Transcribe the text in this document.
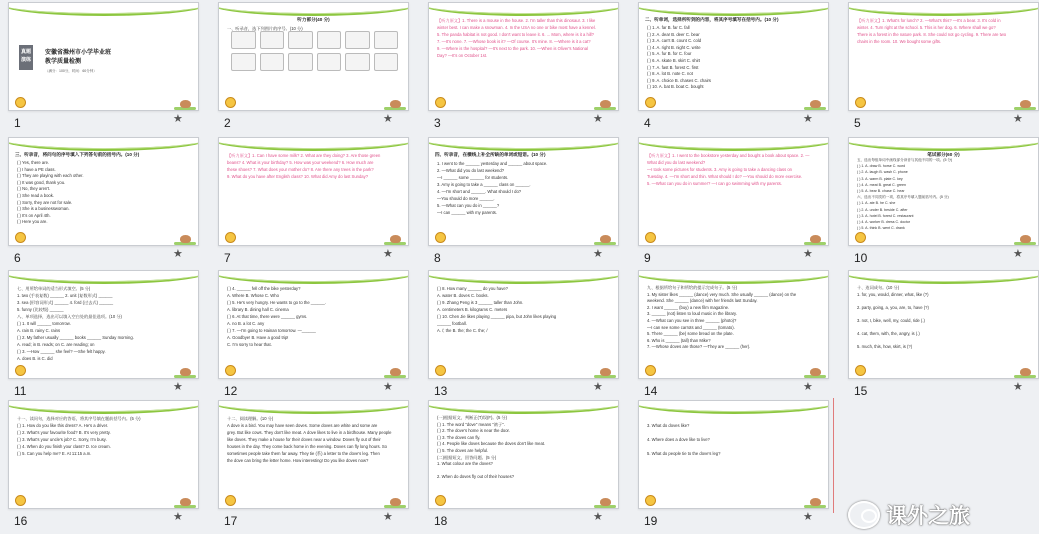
真题演练
安徽省滁州市小学毕业班
教学质量检测
（满分：100分，时间：60分钟）
1	★
听力部分(40 分)
一、听录音，选下列图片的序号。(10 分)
2	★
【听力原文】1. There is a mouse in the house. 2. I'm taller than this dinosaur. 3. I like
winter best. I can make a snowman. 4. In the USA no one or bike most have a kennel.
5. The panda habitat is not good. I don't want to leave it. 6. ... Mom, where is it a hill?
7. —It's none. 7. —Whose book is it? —Of course. It's mine. 8. —Where is it a cat?
9. —Where is the hospital? —It's next to the park. 10. —When is Oliver's National
Day? —It's on October 1st.
3	★
二、听单词，选择所听到的内容，将其序号填写在括号内。(10 分)
( ) 1. A. far B. far C. fall
( ) 2. A. dear B. deer C. bear
( ) 3. A. can't B. count C. cold
( ) 4. A. right B. night C. write
( ) 5. A. fur B. for C. four
( ) 6. A. skate B. skirt C. shirt
( ) 7. A. fast B. forest C. first
( ) 8. A. lot B. note C. not
( ) 9. A. choice B. chases C. chairs
( ) 10. A. bat B. boat C. bought
4	★
【听力原文】1. What's for lunch? 2. —What's this? —It's a bear. 3. It's cold in
winter. 4. Turn right at the school. 5. This is her dog. 6. Where shall we go?
There is a forest in the nature park. 8. She could not go cycling. 9. There are two
chairs in the room. 10. We bought some gifts.
5	★
三、听录音，将问句的序号填入下列答句前的括号内。(10 分)
( ) Yes, there are.
( ) I have a PE class.
( ) They are playing with each other.
( ) It was good, thank you.
( ) No, they aren't.
( ) She read a book.
( ) Sorry, they are not for sale.
( ) She is a businesswoman.
( ) It's on April 4th.
( ) Here you are.
6	★
【听力原文】1. Can I have some milk? 2. What are they doing? 3. Are those green
beans? 4. What is your birthday? 5. How was your weekend? 6. How much are
these shoes? 7. What does your mother do? 8. Are there any trees in the park?
9. What do you have after English class? 10. What did Amy do last Sunday?
7	★
四、听录音，在横线上补全所缺的单词或短语。(10 分)
1. I went to the ______ yesterday and ______ about space.
2. —What did you do last weekend?
—I ______ some ______ for students.
3. Amy is going to take a ______ class on ______.
4. —I'm short and ______. What should I do?
—You should do more ______.
5. —What can you do in ______?
—I can ______ with my parents.
8	★
【听力原文】1. I went to the bookstore yesterday and bought a book about space. 2. —
What did you do last weekend?
—I took some pictures for students. 3. Amy is going to take a dancing class on
Tuesday. 4. —I'm short and thin. What should I do? —You should do more exercise.
5. —What can you do in summer? —I can go swimming with my parents.
9	★
笔试部分(60 分)
五、选出每组单词中画线部分读音与其他不同的一项。(5 分)
( ) 1. A. draw B. horse C. word
( ) 2. A. laugh B. wash C. phone
( ) 3. A. warm B. plate C. key
( ) 4. A. meat B. great C. green
( ) 5. A. bear B. chase C. hear
六、选出不同类的一项，将其序号填入题前括号内。(5 分)
( ) 1. A. ate B. he C. she
( ) 2. A. under B. beside C. after
( ) 3. A. hotel B. forest C. restaurant
( ) 4. A. worker B. dress C. doctor
( ) 5. A. think B. went C. drank
10	★
七、用所给单词的适当形式填空。(5 分)
1. two (手表复数) ______ 2. unit (复数形式) ______
3. sea (形容词形式) ______ 4. ford (过去式) ______
5. funny (比较级) ______
八、单项选择，选出可以填入空白处的最佳选项。(10 分)
( ) 1. It will ______ tomorrow.
A. rain B. rainy C. rains
( ) 2. My father usually ______ books ______ Sunday morning.
A. read; in B. reads; on C. are reading; on
( ) 3. —How ______ she feel? —She felt happy.
A. does B. is C. did
11	★
( ) 4. ______ fell off the bike yesterday?
A. Where B. Whose C. Who
( ) 5. He's very hungry. He wants to go to the ______.
A. library B. dining hall C. cinema
( ) 6. At that time, there were ______ gyms.
A. no B. a lot C. any
( ) 7. —I'm going to Hainan tomorrow. —______
A. Goodbye! B. Have a good trip!
C. I'm sorry to hear that.
12	★
( ) 8. How many ______ do you have?
A. water B. doves C. books.
( ) 9. Zhang Peng is 3 ______ taller than John.
A. centimeters B. kilograms C. meters
( ) 10. Chen Jie likes playing ______ pipa, but John likes playing
______ football.
A. /; the B. the; the C. the; /
13	★
九、根据所给句子和所给的提示完成句子。(5 分)
1. My sister likes ______ (dance) very much. She usually ______ (dance) on the
weekend. She ______ (dance) with her friends last Sunday.
2. I want ______ (buy) a new film magazine.
3. ______ (not) listen to loud music in the library.
4. —What can you see in three ______ (photo)?
—I can see some carrots and ______ (tomato).
5. There ______ (be) some bread on the plate.
6. Who is ______ (tall) than Mike?
7. —Whose doves are those? —They are ______ (her).
14	★
十、连词成句。(10 分)
1. for, you, would, dinner, what, like (?)
2. party, going, a, you, are, to, have (?)
3. not, I, bike, well, my, could, ride (.)
4. cat, them, with, the, angry, is (.)
5. much, this, how, skirt, is (?)
15	★
十一、读问句，选择对应的答语，将其序号填在题前括号内。(5 分)
( ) 1. How do you like this dress? A. He's a driver.
( ) 2. What's your favourite food? B. It's very pretty.
( ) 3. What's your uncle's job? C. Sorry, I'm busy.
( ) 4. When do you finish your class? D. Ice cream.
( ) 5. Can you help me? E. At 11:15 a.m.
16	★
十二、阅读理解。(10 分)
A dove is a bird. You may have seen doves. Some doves are white and some are
grey. But like cows. They don't like meat. A dove likes to live in a birdhouse. Many people
like doves. They make a house for their doves near a window. Doves fly out of their
houses in the day. They come back home in the evening. Doves can fly long hours. So
sometimes people take them far away. They tie (系) a letter to the dove's leg. Then
the dove can bring the letter home. How interesting! Do you like doves now?
17	★
(一)根据短文，判断正(T)误(F)。(5 分)
( ) 1. The word "dove" means "鸽子".
( ) 2. The dove's home is near the door.
( ) 3. The doves can fly.
( ) 4. People like doves because the doves don't like meat.
( ) 5. The doves are helpful.
(二)根据短文，回答问题。(5 分)
1. What colour are the doves?
2. When do doves fly out of their houses?
18	★
3. What do doves like?
4. Where does a dove like to live?
5. What do people tie to the dove's leg?
19	★	课外之旅
